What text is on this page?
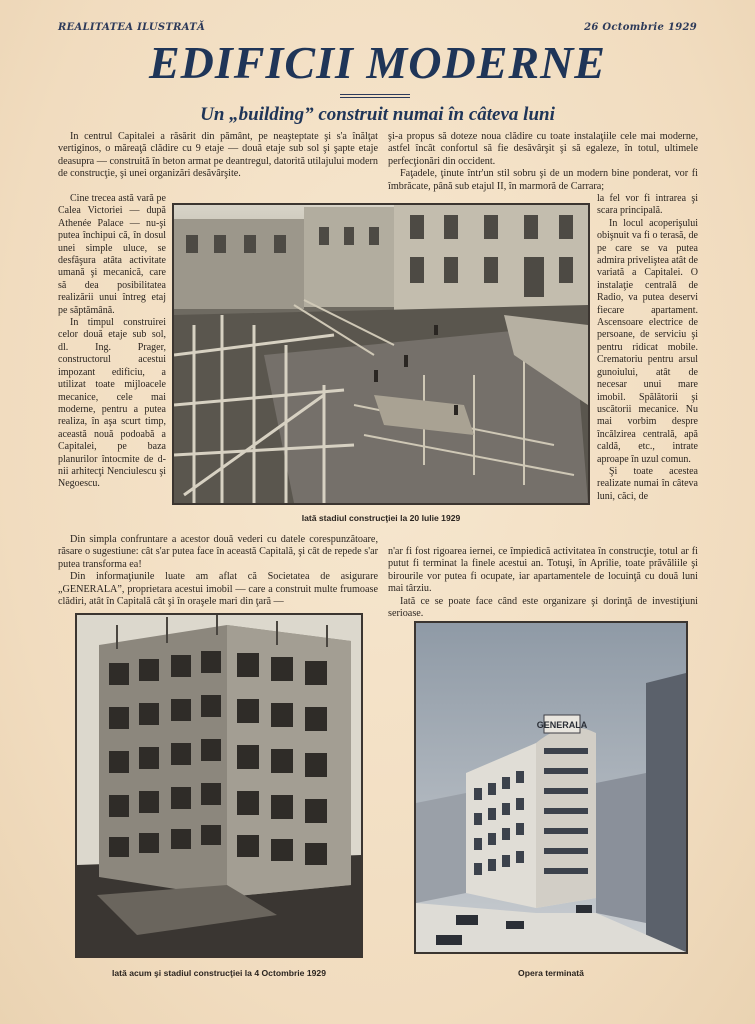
REALITATEA ILUSTRATĂ	26 Octombrie 1929
EDIFICII MODERNE
Un „building” construit numai în câteva luni

In centrul Capitalei a răsărit din pământ, pe neaşteptate şi s'a înălţat vertiginos, o măreaţă clădire cu 9 etaje — două etaje sub sol şi şapte etaje deasupra — construită în beton armat pe deantregul, datorită utilajului modern de construcţie, şi unei organizări desăvârşite.

şi-a propus să doteze noua clădire cu toate instalaţiile cele mai moderne, astfel încât confortul să fie desăvârşit şi să egaleze, în totul, ultimele perfecţionări din occident.

Faţadele, ţinute într'un stil sobru şi de un modern bine ponderat, vor fi îmbrăcate, până sub etajul II, în marmoră de Carrara;

Cine trecea astă vară pe Calea Victoriei — după Athenée Palace — nu-şi putea închipui că, în dosul unei simple uluce, se desfăşura atâta activitate umană şi mecanică, care să dea posibilitatea realizării unui întreg etaj pe săptămână.

In timpul construirei celor două etaje sub sol, dl. Ing. Prager, constructorul acestui impozant edificiu, a utilizat toate mijloacele mecanice, cele mai moderne, pentru a putea realiza, în aşa scurt timp, această nouă podoabă a Capitalei, pe baza planurilor întocmite de d-nii arhitecţi Nenciulescu şi Negoescu.

Iată stadiul construcţiei la 20 Iulie 1929

la fel vor fi intrarea şi scara principală.

In locul acoperişului obişnuit va fi o terasă, de pe care se va putea admira priveliştea atât de variată a Capitalei. O instalaţie centrală de Radio, va putea deservi fiecare apartament. Ascensoare electrice de persoane, de serviciu şi pentru ridicat mobile. Crematoriu pentru arsul gunoiului, atât de necesar unui mare imobil. Spălătorii şi uscătorii mecanice. Nu mai vorbim despre încălzirea centrală, apă caldă, etc., intrate aproape în uzul comun.

Şi toate acestea realizate numai în câteva luni, căci, de

Din simpla confruntare a acestor două vederi cu datele corespunzătoare, răsare o sugestiune: cât s'ar putea face în această Capitală, şi cât de repede s'ar putea transforma ea!

Din informaţiunile luate am aflat că Societatea de asigurare „GENERALA”, proprietara acestui imobil — care a construit multe frumoase clădiri, atât în Capitală cât şi în oraşele mari din ţară —

n'ar fi fost rigoarea iernei, ce împiedică activitatea în construcţie, totul ar fi putut fi terminat la finele acestui an. Totuşi, în Aprilie, toate prăvăliile şi birourile vor putea fi ocupate, iar apartamentele de locuinţă cu două luni mai târziu.

Iată ce se poate face când este organizare şi dorinţă de investiţiuni serioase.

Iată acum şi stadiul construcţiei la 4 Octombrie 1929
GENERALA
Opera terminată
